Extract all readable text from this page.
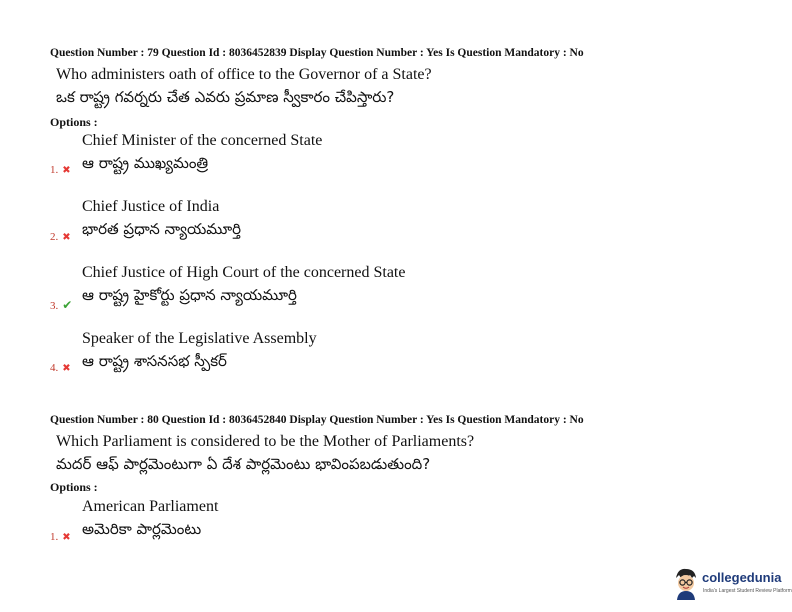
Question Number : 79 Question Id : 8036452839 Display Question Number : Yes Is Question Mandatory : No
Who administers oath of office to the Governor of a State?
ఒక రాష్ట్ర గవర్నరు చేత ఎవరు ప్రమాణ స్వీకారం చేపిస్తారు?
Options :
Chief Minister of the concerned State
ఆ రాష్ట్ర ముఖ్యమంత్రి
1. ✖
Chief Justice of India
భారత ప్రధాన న్యాయమూర్తి
2. ✖
Chief Justice of High Court of the concerned State
ఆ రాష్ట్ర హైకోర్టు ప్రధాన న్యాయమూర్తి
3. ✔
Speaker of the Legislative Assembly
ఆ రాష్ట్ర శాసనసభ స్పీకర్
4. ✖
Question Number : 80 Question Id : 8036452840 Display Question Number : Yes Is Question Mandatory : No
Which Parliament is considered to be the Mother of Parliaments?
మదర్ ఆఫ్ పార్లమెంటుగా ఏ దేశ పార్లమెంటు భావింపబడుతుంది?
Options :
American Parliament
అమెరికా పార్లమెంటు
1. ✖
collegedunia
India's Largest Student Review Platform
